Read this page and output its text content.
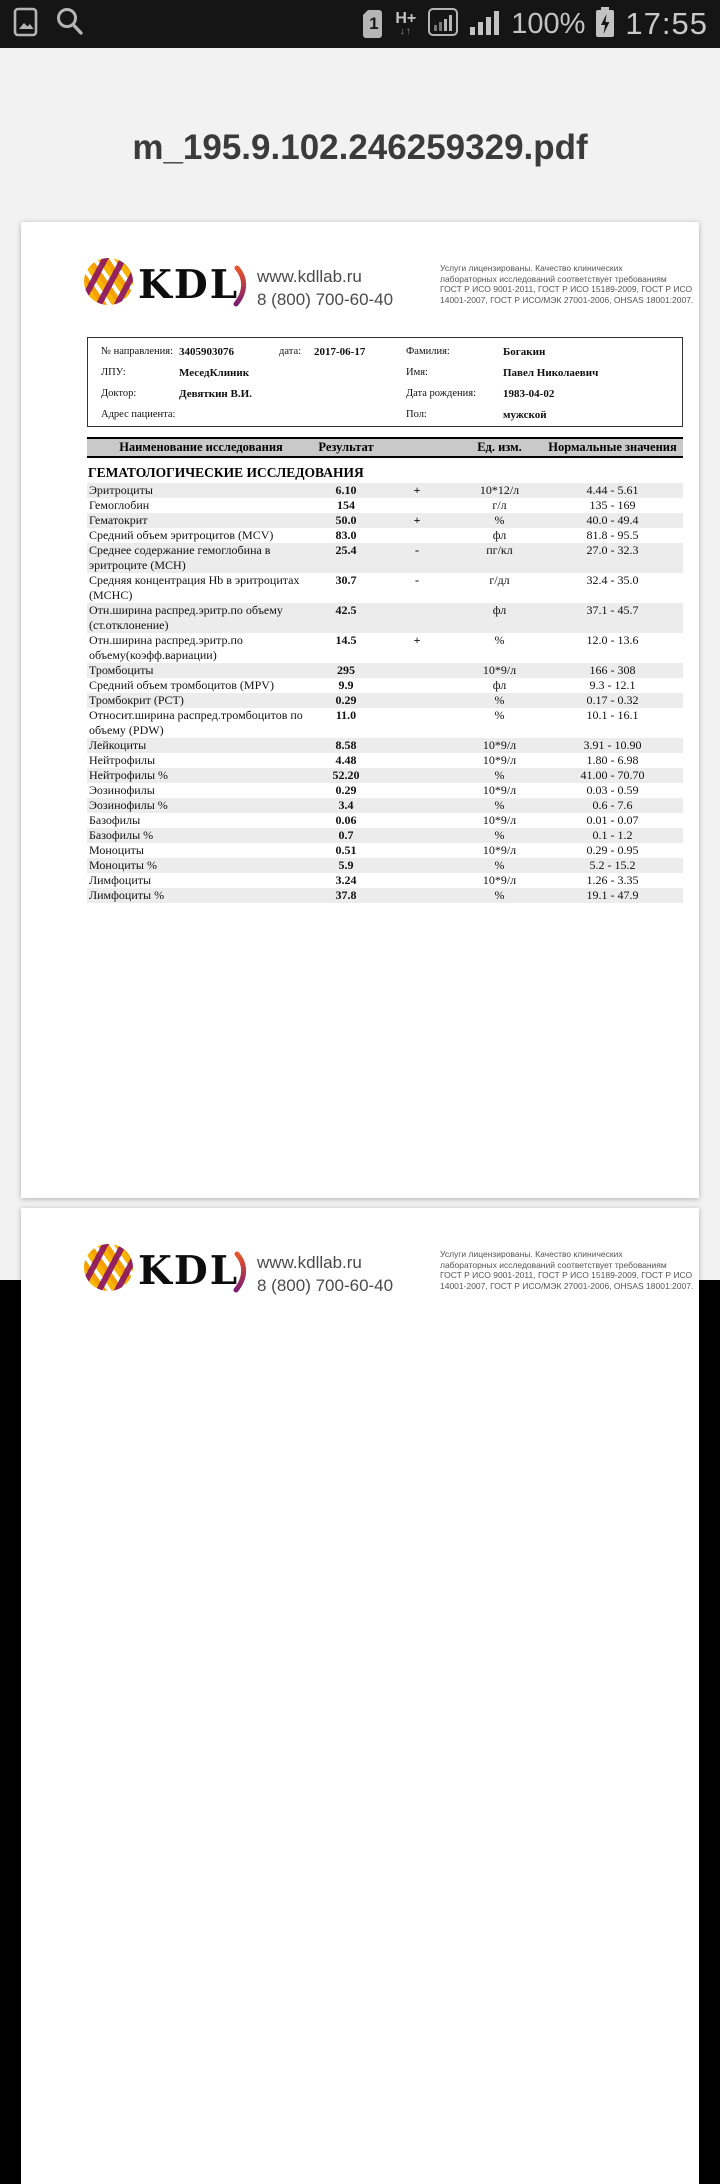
1	H+
↓↑	100% 17:55
m_195.9.102.246259329.pdf
KDL www.kdllab.ru
8 (800) 700-60-40
Услуги лицензированы. Качество клинических
лабораторных исследований соответствует требованиям
ГОСТ Р ИСО 9001-2011, ГОСТ Р ИСО 15189-2009, ГОСТ Р ИСО
14001-2007, ГОСТ Р ИСО/МЭК 27001-2006, OHSAS 18001:2007.
№ направления: 3405903076	дата:	2017-06-17	Фамилия:	Богакин
ЛПУ:	МеседКлиник	Имя:	Павел Николаевич
Доктор:	Девяткин В.И.	Дата рождения:	1983-04-02
Адрес пациента:	Пол:	мужской
Наименование исследования	Результат	Ед. изм.	Нормальные значения
ГЕМАТОЛОГИЧЕСКИЕ ИССЛЕДОВАНИЯ
Эритроциты	6.10	+	10*12/л	4.44 - 5.61
Гемоглобин	154	г/л	135 - 169
Гематокрит	50.0	+	%	40.0 - 49.4
Средний объем эритроцитов (MCV)	83.0	фл	81.8 - 95.5
Среднее содержание гемоглобина в эритроците (MCH)
25.4	-	пг/кл	27.0 - 32.3
Средняя концентрация Hb в эритроцитах (MCHC)
30.7	-	г/дл	32.4 - 35.0
Отн.ширина распред.эритр.по объему (ст.отклонение)
42.5	фл	37.1 - 45.7
Отн.ширина распред.эритр.по объему(коэфф.вариации)
14.5	+	%	12.0 - 13.6
Тромбоциты	295	10*9/л	166 - 308
Средний объем тромбоцитов (MPV)	9.9	фл	9.3 - 12.1
Тромбокрит (PCT)	0.29	%	0.17 - 0.32
Относит.ширина распред.тромбоцитов по объему (PDW)
11.0	%	10.1 - 16.1
Лейкоциты	8.58	10*9/л	3.91 - 10.90
Нейтрофилы	4.48	10*9/л	1.80 - 6.98
Нейтрофилы %	52.20	%	41.00 - 70.70
Эозинофилы	0.29	10*9/л	0.03 - 0.59
Эозинофилы %	3.4	%	0.6 - 7.6
Базофилы	0.06	10*9/л	0.01 - 0.07
Базофилы %	0.7	%	0.1 - 1.2
Моноциты	0.51	10*9/л	0.29 - 0.95
Моноциты %	5.9	%	5.2 - 15.2
Лимфоциты	3.24	10*9/л	1.26 - 3.35
Лимфоциты %	37.8	%	19.1 - 47.9
KDL www.kdllab.ru
8 (800) 700-60-40
Услуги лицензированы. Качество клинических
лабораторных исследований соответствует требованиям
ГОСТ Р ИСО 9001-2011, ГОСТ Р ИСО 15189-2009, ГОСТ Р ИСО
14001-2007, ГОСТ Р ИСО/МЭК 27001-2006, OHSAS 18001:2007.
